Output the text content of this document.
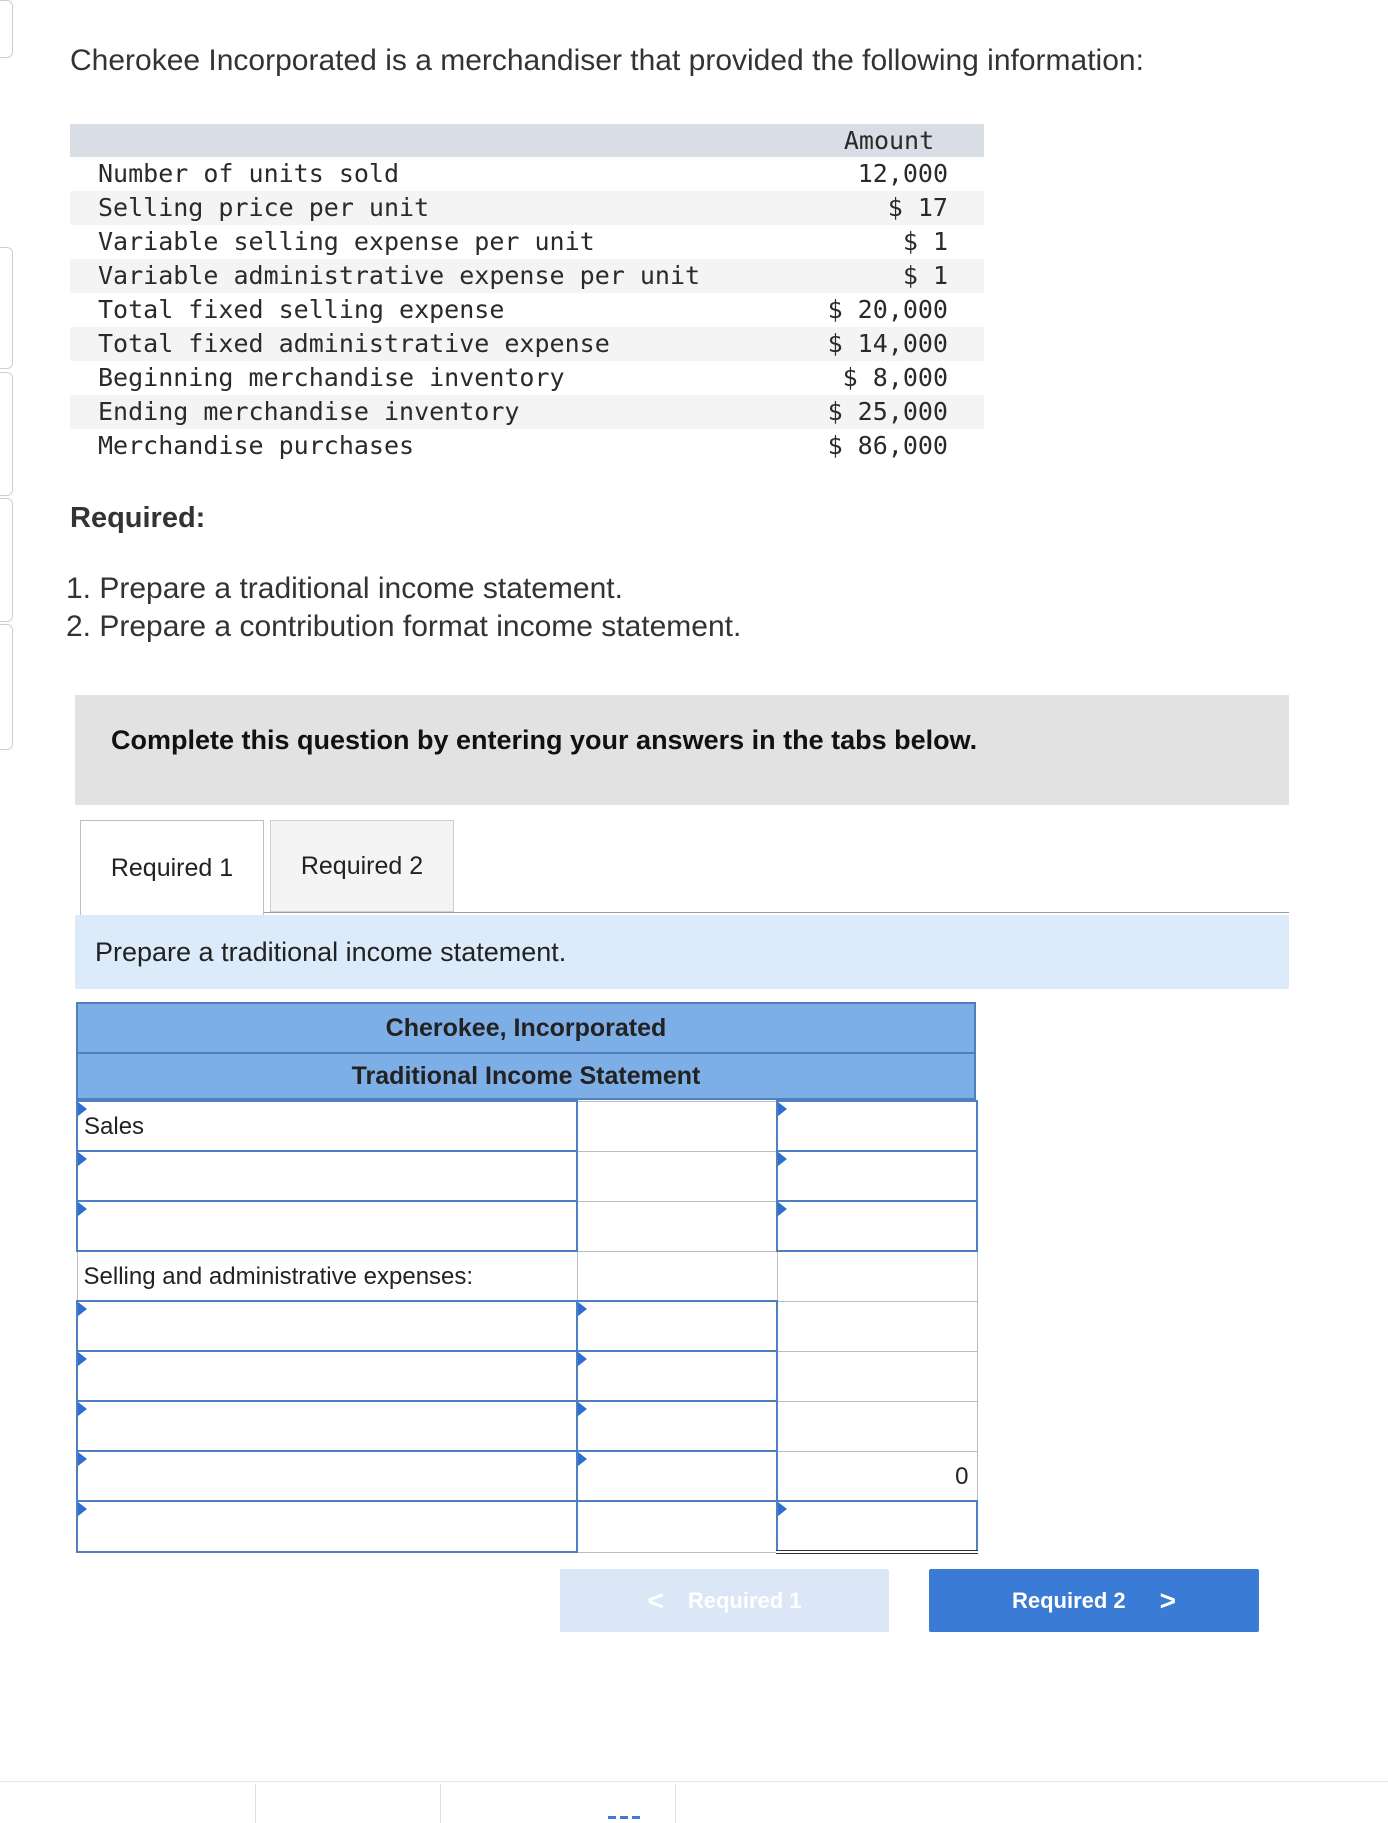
Cherokee Incorporated is a merchandiser that provided the following information:
	Amount
Number of units sold	12,000
Selling price per unit	$ 17
Variable selling expense per unit	$ 1
Variable administrative expense per unit	$ 1
Total fixed selling expense	$ 20,000
Total fixed administrative expense	$ 14,000
Beginning merchandise inventory	$ 8,000
Ending merchandise inventory	$ 25,000
Merchandise purchases	$ 86,000
Required:
1. Prepare a traditional income statement.
2. Prepare a contribution format income statement.
Complete this question by entering your answers in the tabs below.
Required 1	Required 2
Prepare a traditional income statement.
Cherokee, Incorporated
Traditional Income Statement
Sales		

Selling and administrative expenses:		

		0

< Required 1	Required 2 >
